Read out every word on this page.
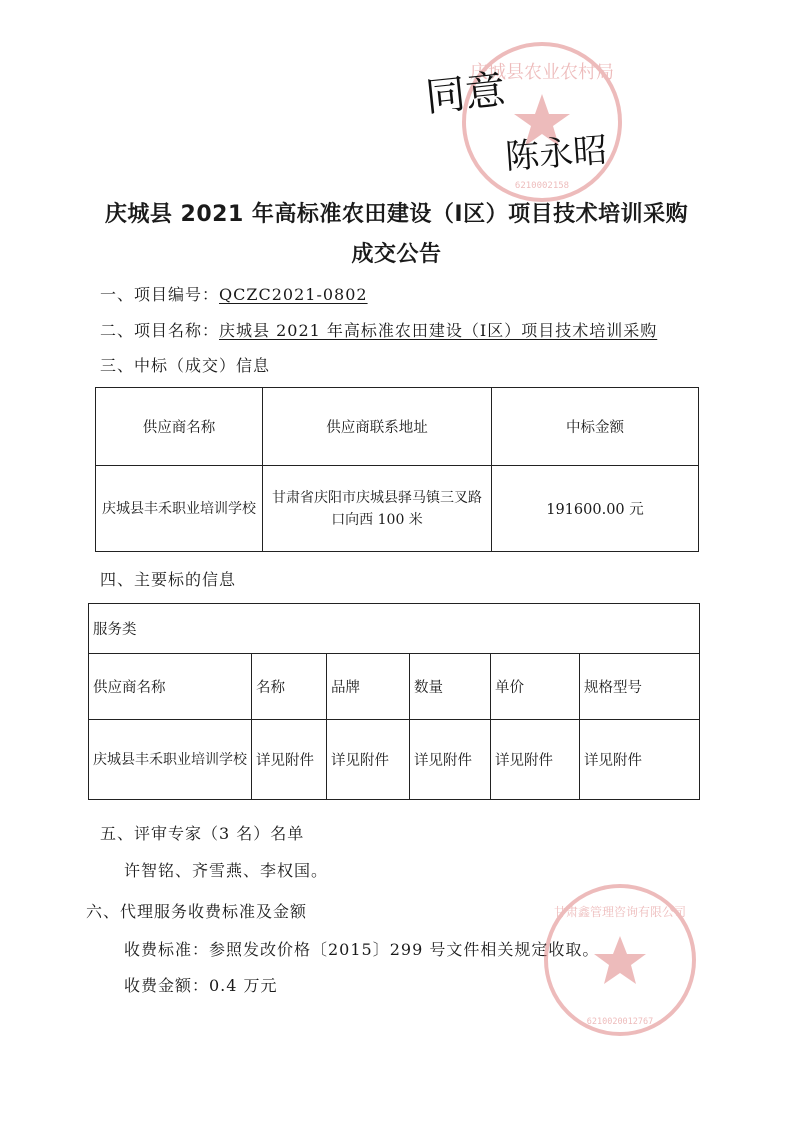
6210002158
庆城县农业农村局
同意
陈永昭
庆城县 2021 年高标准农田建设（Ⅰ区）项目技术培训采购
成交公告
一、项目编号：QCZC2021-0802
二、项目名称：庆城县 2021 年高标准农田建设（Ⅰ区）项目技术培训采购
三、中标（成交）信息
供应商名称	供应商联系地址	中标金额
庆城县丰禾职业培训学校	甘肃省庆阳市庆城县驿马镇三叉路口向西 100 米	191600.00 元
四、主要标的信息
服务类					
供应商名称	名称	品牌	数量	单价	规格型号
庆城县丰禾职业培训学校	详见附件	详见附件	详见附件	详见附件	详见附件
五、评审专家（3 名）名单
许智铭、齐雪燕、李权国。
六、代理服务收费标准及金额
收费标准：参照发改价格〔2015〕299 号文件相关规定收取。
收费金额：0.4 万元
6210020012767
甘肃鑫管理咨询有限公司
